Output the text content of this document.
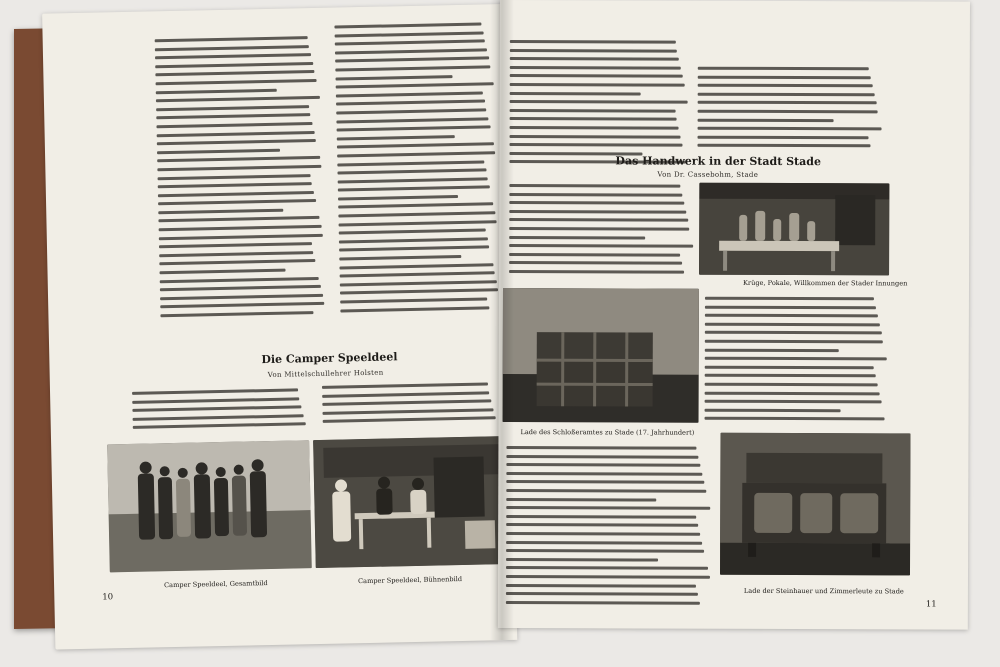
Die Camper Speeldeel
Von Mittelschullehrer Holsten
Camper Speeldeel, Gesamtbild	Camper Speeldeel, Bühnenbild
10
Das Handwerk in der Stadt Stade
Von Dr. Cassebohm, Stade
Krüge, Pokale, Willkommen der Stader Innungen
Lade des Schloßeramtes zu Stade (17. Jahrhundert)
Lade der Steinhauer und Zimmerleute zu Stade
11
